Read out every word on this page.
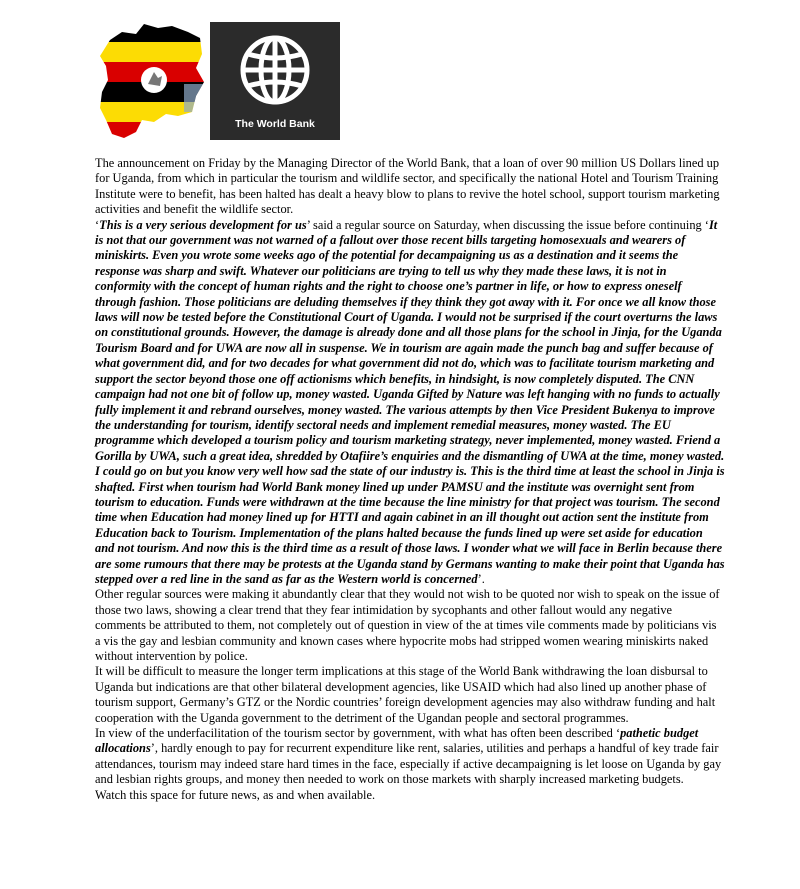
The World Bank

The announcement on Friday by the Managing Director of the World Bank, that a loan of over 90 million US Dollars lined up for Uganda, from which in particular the tourism and wildlife sector, and specifically the national Hotel and Tourism Training Institute were to benefit, has been halted has dealt a heavy blow to plans to revive the hotel school, support tourism marketing activities and benefit the wildlife sector.

‘This is a very serious development for us’ said a regular source on Saturday, when discussing the issue before continuing ‘It is not that our government was not warned of a fallout over those recent bills targeting homosexuals and wearers of miniskirts. Even you wrote some weeks ago of the potential for decampaigning us as a destination and it seems the response was sharp and swift. Whatever our politicians are trying to tell us why they made these laws, it is not in conformity with the concept of human rights and the right to choose one’s partner in life, or how to express oneself through fashion. Those politicians are deluding themselves if they think they got away with it. For once we all know those laws will now be tested before the Constitutional Court of Uganda. I would not be surprised if the court overturns the laws on constitutional grounds. However, the damage is already done and all those plans for the school in Jinja, for the Uganda Tourism Board and for UWA are now all in suspense. We in tourism are again made the punch bag and suffer because of what government did, and for two decades for what government did not do, which was to facilitate tourism marketing and support the sector beyond those one off actionisms which benefits, in hindsight, is now completely disputed. The CNN campaign had not one bit of follow up, money wasted. Uganda Gifted by Nature was left hanging with no funds to actually fully implement it and rebrand ourselves, money wasted. The various attempts by then Vice President Bukenya to improve the understanding for tourism, identify sectoral needs and implement remedial measures, money wasted. The EU programme which developed a tourism policy and tourism marketing strategy, never implemented, money wasted. Friend a Gorilla by UWA, such a great idea, shredded by Otafiire’s enquiries and the dismantling of UWA at the time, money wasted. I could go on but you know very well how sad the state of our industry is. This is the third time at least the school in Jinja is shafted. First when tourism had World Bank money lined up under PAMSU and the institute was overnight sent from tourism to education. Funds were withdrawn at the time because the line ministry for that project was tourism. The second time when Education had money lined up for HTTI and again cabinet in an ill thought out action sent the institute from Education back to Tourism. Implementation of the plans halted because the funds lined up were set aside for education and not tourism. And now this is the third time as a result of those laws. I wonder what we will face in Berlin because there are some rumours that there may be protests at the Uganda stand by Germans wanting to make their point that Uganda has stepped over a red line in the sand as far as the Western world is concerned’.

Other regular sources were making it abundantly clear that they would not wish to be quoted nor wish to speak on the issue of those two laws, showing a clear trend that they fear intimidation by sycophants and other fallout would any negative comments be attributed to them, not completely out of question in view of the at times vile comments made by politicians vis a vis the gay and lesbian community and known cases where hypocrite mobs had stripped women wearing miniskirts naked without intervention by police.

It will be difficult to measure the longer term implications at this stage of the World Bank withdrawing the loan disbursal to Uganda but indications are that other bilateral development agencies, like USAID which had also lined up another phase of tourism support, Germany’s GTZ or the Nordic countries’ foreign development agencies may also withdraw funding and halt cooperation with the Uganda government to the detriment of the Ugandan people and sectoral programmes.

In view of the underfacilitation of the tourism sector by government, with what has often been described ‘pathetic budget allocations’, hardly enough to pay for recurrent expenditure like rent, salaries, utilities and perhaps a handful of key trade fair attendances, tourism may indeed stare hard times in the face, especially if active decampaigning is let loose on Uganda by gay and lesbian rights groups, and money then needed to work on those markets with sharply increased marketing budgets.

Watch this space for future news, as and when available.
